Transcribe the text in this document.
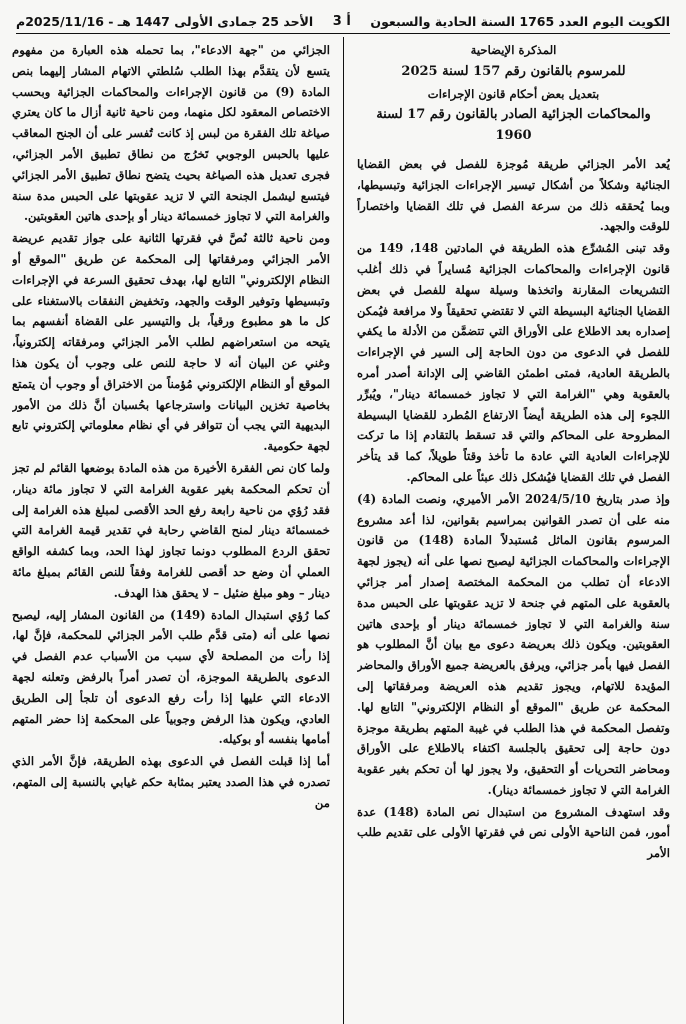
الكويت اليوم العدد 1765 السنة الحادية والسبعون
أ 3
الأحد 25 جمادى الأولى 1447 هـ - 2025/11/16م

المذكرة الإيضاحية

للمرسوم بالقانون رقم 157 لسنة 2025

بتعديل بعض أحكام قانون الإجراءات

والمحاكمات الجزائية الصادر بالقانون رقم 17 لسنة 1960

يُعد الأمر الجزائي طريقة مُوجزة للفصل في بعض القضايا الجنائية وشكلاً من أشكال تيسير الإجراءات الجزائية وتبسيطها، وبما يُحققه ذلك من سرعة الفصل في تلك القضايا واختصاراً للوقت والجهد.

وقد تبنى المُشرِّع هذه الطريقة في المادتين 148، 149 من قانون الإجراءات والمحاكمات الجزائية مُسايراً في ذلك أغلب التشريعات المقارنة واتخذها وسيلة سهلة للفصل في بعض القضايا الجنائية البسيطة التي لا تقتضي تحقيقاً ولا مرافعة فيُمكن إصداره بعد الاطلاع على الأوراق التي تتضمَّن من الأدلة ما يكفي للفصل في الدعوى من دون الحاجة إلى السير في الإجراءات بالطريقة العادية، فمتى اطمئن القاضي إلى الإدانة أصدر أمره بالعقوبة وهي "الغرامة التي لا تجاوز خمسمائة دينار"، ويُبرِّر اللجوء إلى هذه الطريقة أيضاً الارتفاع المُطرد للقضايا البسيطة المطروحة على المحاكم والتي قد تسقط بالتقادم إذا ما تركت للإجراءات العادية التي عادة ما تأخذ وقتاً طويلاً، كما قد يتأخر الفصل في تلك القضايا فيُشكل ذلك عبئاً على المحاكم.

وإذ صدر بتاريخ 2024/5/10 الأمر الأميري، ونصت المادة (4) منه على أن تصدر القوانين بمراسيم بقوانين، لذا أعد مشروع المرسوم بقانون الماثل مُستبدلاً المادة (148) من قانون الإجراءات والمحاكمات الجزائية ليصبح نصها على أنه (يجوز لجهة الادعاء أن تطلب من المحكمة المختصة إصدار أمر جزائي بالعقوبة على المتهم في جنحة لا تزيد عقوبتها على الحبس مدة سنة والغرامة التي لا تجاوز خمسمائة دينار أو بإحدى هاتين العقوبتين. ويكون ذلك بعريضة دعوى مع بيان أنَّ المطلوب هو الفصل فيها بأمر جزائي، ويرفق بالعريضة جميع الأوراق والمحاضر المؤيدة للاتهام، ويجوز تقديم هذه العريضة ومرفقاتها إلى المحكمة عن طريق "الموقع أو النظام الإلكتروني" التابع لها. وتفصل المحكمة في هذا الطلب في غيبة المتهم بطريقة موجزة دون حاجة إلى تحقيق بالجلسة اكتفاء بالاطلاع على الأوراق ومحاضر التحريات أو التحقيق، ولا يجوز لها أن تحكم بغير عقوبة الغرامة التي لا تجاوز خمسمائة دينار).

وقد استهدف المشروع من استبدال نص المادة (148) عدة أمور، فمن الناحية الأولى نص في فقرتها الأولى على تقديم طلب الأمر

الجزائي من "جهة الادعاء"، بما تحمله هذه العبارة من مفهوم يتسع لأن يتقدَّم بهذا الطلب سُلطتي الاتهام المشار إليهما بنص المادة (9) من قانون الإجراءات والمحاكمات الجزائية وبحسب الاختصاص المعقود لكل منهما، ومن ناحية ثانية أزال ما كان يعتري صياغة تلك الفقرة من لبس إذ كانت تُفسر على أن الجنح المعاقب عليها بالحبس الوجوبي تَخرُج من نطاق تطبيق الأمر الجزائي، فجرى تعديل هذه الصياغة بحيث يتضح نطاق تطبيق الأمر الجزائي فيتسع ليشمل الجنحة التي لا تزيد عقوبتها على الحبس مدة سنة والغرامة التي لا تجاوز خمسمائة دينار أو بإحدى هاتين العقوبتين.

ومن ناحية ثالثة نُصَّ في فقرتها الثانية على جواز تقديم عريضة الأمر الجزائي ومرفقاتها إلى المحكمة عن طريق "الموقع أو النظام الإلكتروني" التابع لها، بهدف تحقيق السرعة في الإجراءات وتبسيطها وتوفير الوقت والجهد، وتخفيض النفقات بالاستغناء على كل ما هو مطبوع ورقياً، بل والتيسير على القضاة أنفسهم بما يتيحه من استعراضهم لطلب الأمر الجزائي ومرفقاته إلكترونياً، وغني عن البيان أنه لا حاجة للنص على وجوب أن يكون هذا الموقع أو النظام الإلكتروني مُؤمناً من الاختراق أو وجوب أن يتمتع بخاصية تخزين البيانات واسترجاعها بحُسبان أنَّ ذلك من الأمور البديهية التي يجب أن تتوافر في أي نظام معلوماتي إلكتروني تابع لجهة حكومية.

ولما كان نص الفقرة الأخيرة من هذه المادة بوضعها القائم لم تجز أن تحكم المحكمة بغير عقوبة الغرامة التي لا تجاوز مائة دينار، فقد رُؤي من ناحية رابعة رفع الحد الأقصى لمبلغ هذه الغرامة إلى خمسمائة دينار لمنح القاضي رحابة في تقدير قيمة الغرامة التي تحقق الردع المطلوب دونما تجاوز لهذا الحد، وبما كشفه الواقع العملي أن وضع حد أقصى للغرامة وفقاً للنص القائم بمبلغ مائة دينار – وهو مبلغ ضئيل – لا يحقق هذا الهدف.

كما رُؤي استبدال المادة (149) من القانون المشار إليه، ليصبح نصها على أنه (متى قدَّم طلب الأمر الجزائي للمحكمة، فإنَّ لها، إذا رأت من المصلحة لأي سبب من الأسباب عدم الفصل في الدعوى بالطريقة الموجزة، أن تصدر أمراً بالرفض وتعلنه لجهة الادعاء التي عليها إذا رأت رفع الدعوى أن تلجأ إلى الطريق العادي، ويكون هذا الرفض وجوبياً على المحكمة إذا حضر المتهم أمامها بنفسه أو بوكيله.

أما إذا قبلت الفصل في الدعوى بهذه الطريقة، فإنَّ الأمر الذي تصدره في هذا الصدد يعتبر بمثابة حكم غيابي بالنسبة إلى المتهم، من
